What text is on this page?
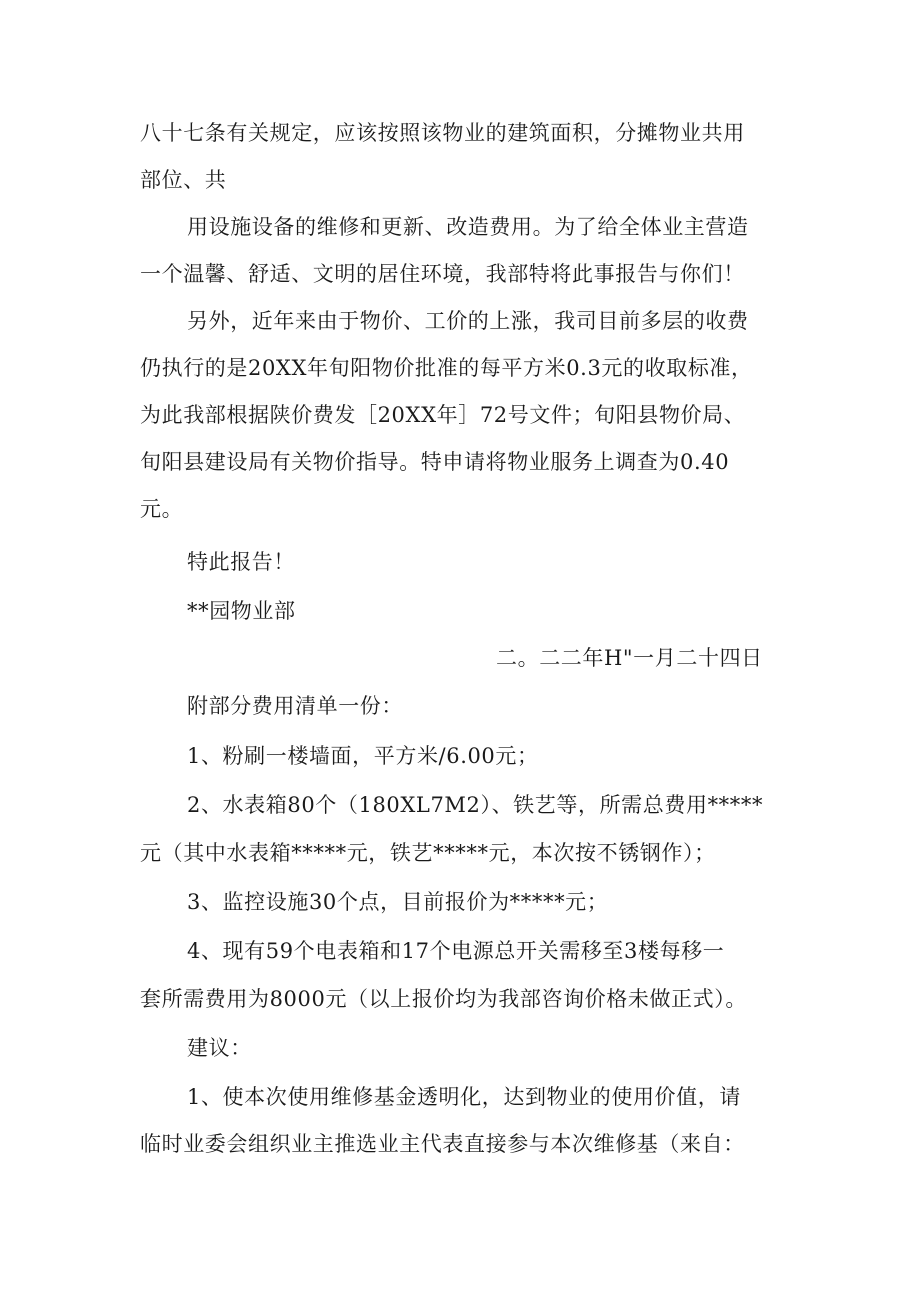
八十七条有关规定，应该按照该物业的建筑面积，分摊物业共用
部位、共
用设施设备的维修和更新、改造费用。为了给全体业主营造
一个温馨、舒适、文明的居住环境，我部特将此事报告与你们！
另外，近年来由于物价、工价的上涨，我司目前多层的收费
仍执行的是20XX年旬阳物价批准的每平方米0.3元的收取标准，
为此我部根据陕价费发［20XX年］72号文件；旬阳县物价局、
旬阳县建设局有关物价指导。特申请将物业服务上调查为0.40
元。
特此报告！
**园物业部
二。二二年H"一月二十四日
附部分费用清单一份：
1、粉刷一楼墙面，平方米/6.00元；
2、水表箱80个（180XL7M2）、铁艺等，所需总费用*****
元（其中水表箱*****元，铁艺*****元，本次按不锈钢作）；
3、监控设施30个点，目前报价为*****元；
4、现有59个电表箱和17个电源总开关需移至3楼每移一
套所需费用为8000元（以上报价均为我部咨询价格未做正式）。
建议：
1、使本次使用维修基金透明化，达到物业的使用价值，请
临时业委会组织业主推选业主代表直接参与本次维修基（来自：
